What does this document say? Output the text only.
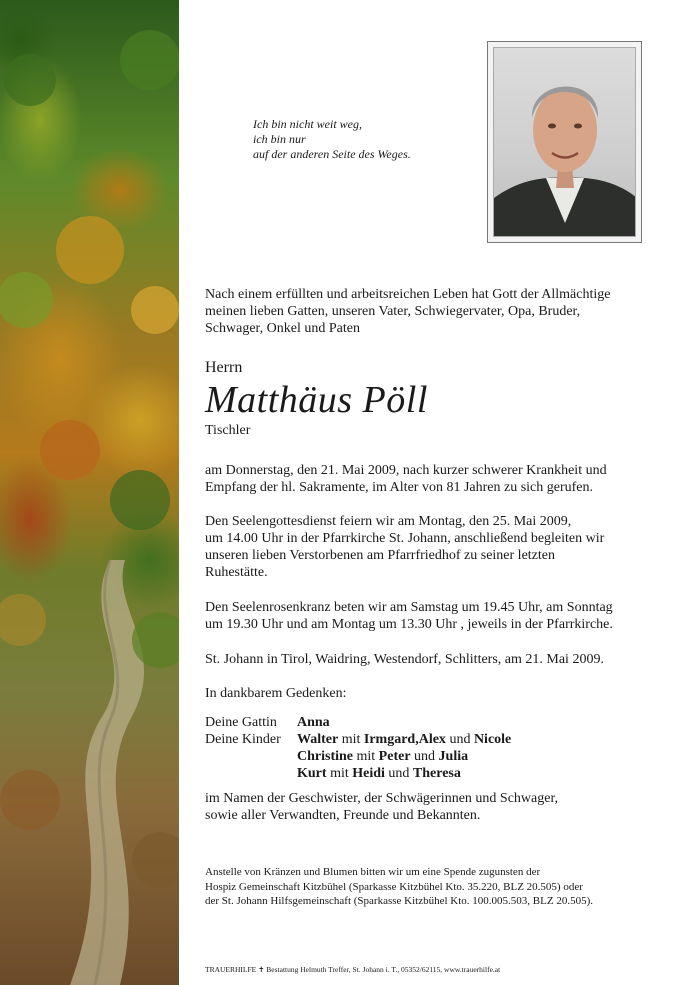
Ich bin nicht weit weg,
ich bin nur
auf der anderen Seite des Weges.
Nach einem erfüllten und arbeitsreichen Leben hat Gott der Allmächtige
meinen lieben Gatten, unseren Vater, Schwiegervater, Opa, Bruder,
Schwager, Onkel und Paten
Herrn
Matthäus Pöll
Tischler
am Donnerstag, den 21. Mai 2009, nach kurzer schwerer Krankheit und
Empfang der hl. Sakramente, im Alter von 81 Jahren zu sich gerufen.
Den Seelengottesdienst feiern wir am Montag, den 25. Mai 2009,
um 14.00 Uhr in der Pfarrkirche St. Johann, anschließend begleiten wir
unseren lieben Verstorbenen am Pfarrfriedhof zu seiner letzten
Ruhestätte.
Den Seelenrosenkranz beten wir am Samstag um 19.45 Uhr, am Sonntag
um 19.30 Uhr und am Montag um 13.30 Uhr , jeweils in der Pfarrkirche.
St. Johann in Tirol, Waidring, Westendorf, Schlitters, am 21. Mai 2009.
In dankbarem Gedenken:
Deine Gattin Anna
Deine Kinder Walter mit Irmgard,Alex und Nicole
Christine mit Peter und Julia
Kurt mit Heidi und Theresa
im Namen der Geschwister, der Schwägerinnen und Schwager,
sowie aller Verwandten, Freunde und Bekannten.
Anstelle von Kränzen und Blumen bitten wir um eine Spende zugunsten der
Hospiz Gemeinschaft Kitzbühel (Sparkasse Kitzbühel Kto. 35.220, BLZ 20.505) oder
der St. Johann Hilfsgemeinschaft (Sparkasse Kitzbühel Kto. 100.005.503, BLZ 20.505).
TRAUERHILFE ✝ Bestattung Helmuth Treffer, St. Johann i. T., 05352/62115, www.trauerhilfe.at
